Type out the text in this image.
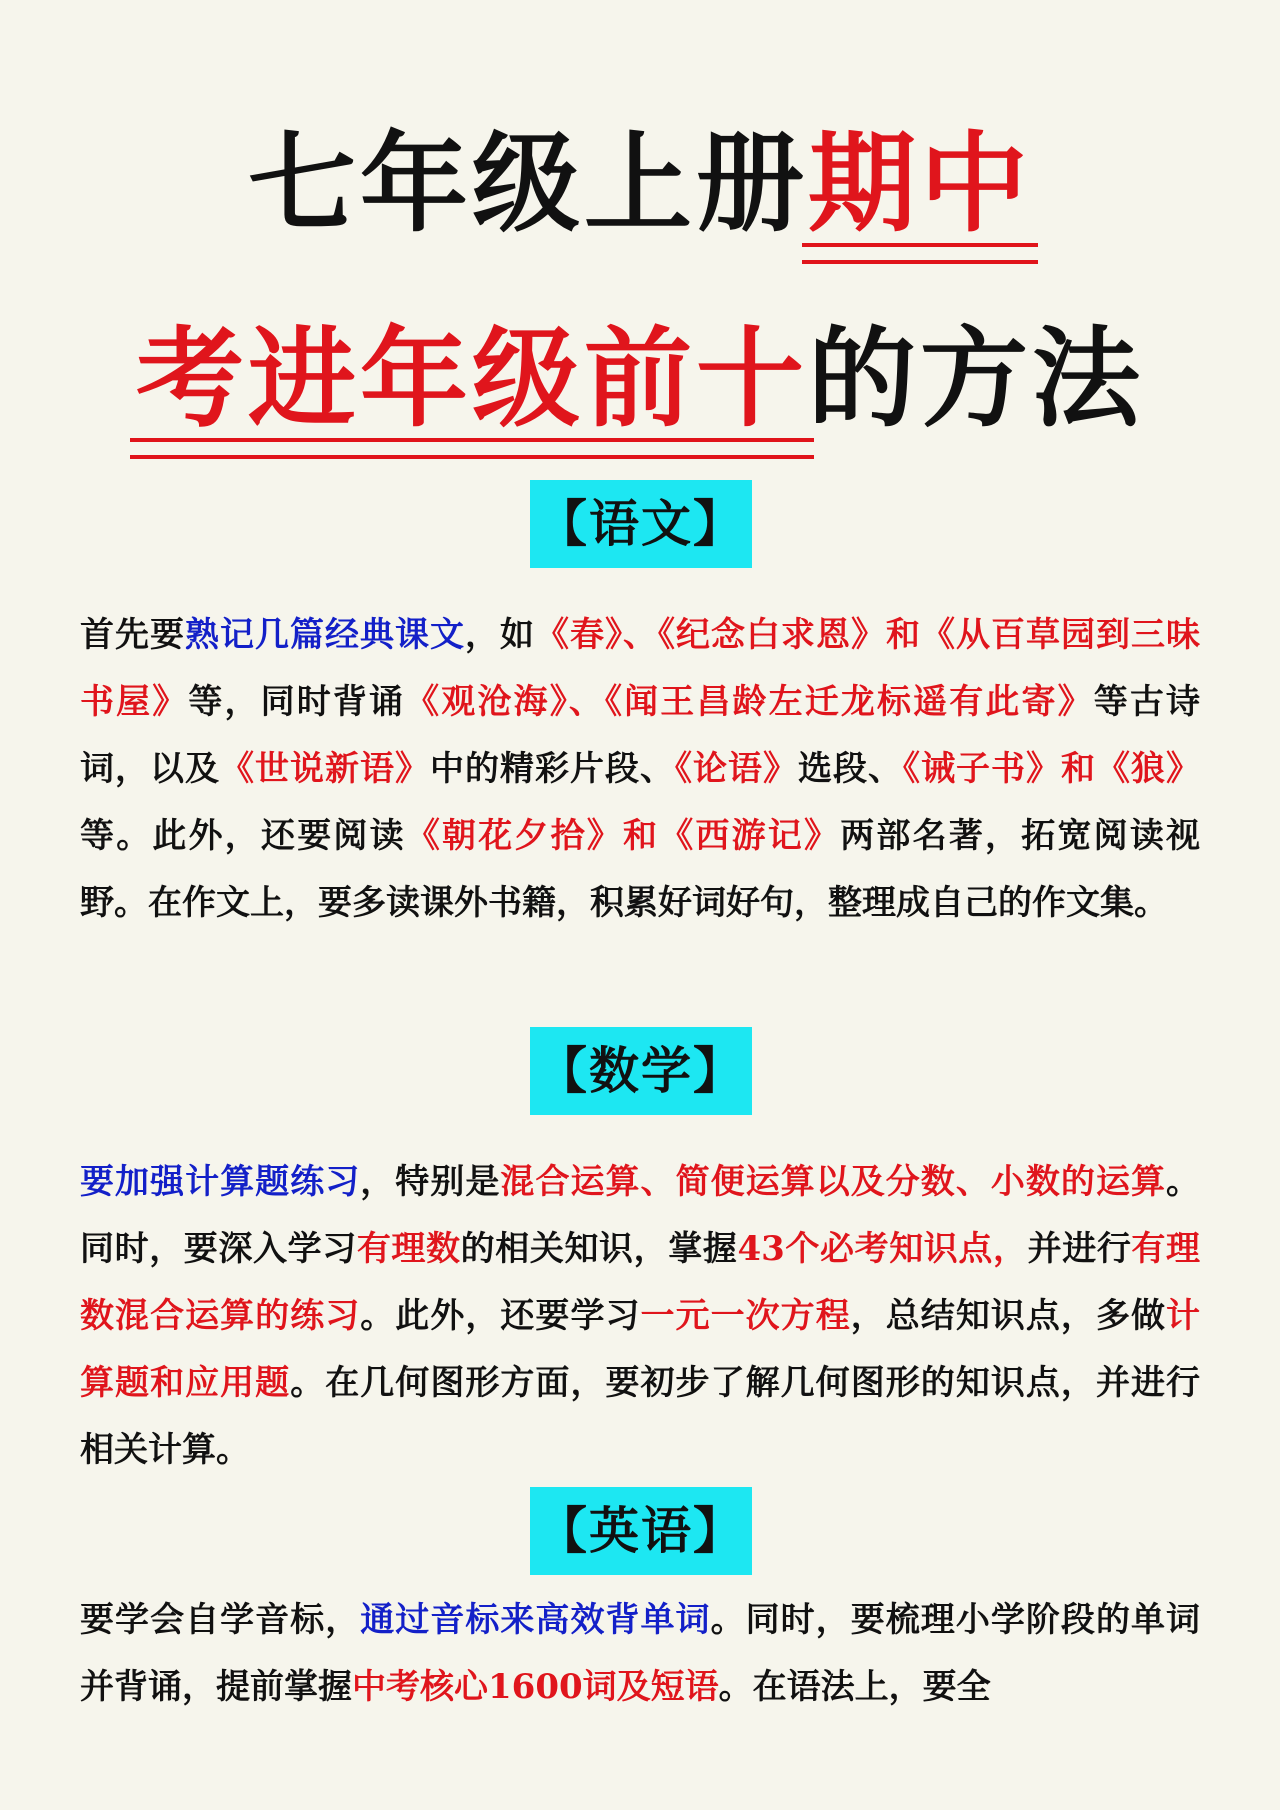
七年级上册期中
考进年级前十的方法
【语文】

首先要熟记几篇经典课文，如《春》、《纪念白求恩》和《从百草园到三味书屋》等，同时背诵《观沧海》、《闻王昌龄左迁龙标遥有此寄》等古诗词，以及《世说新语》中的精彩片段、《论语》选段、《诫子书》和《狼》等。此外，还要阅读《朝花夕拾》和《西游记》两部名著，拓宽阅读视野。在作文上，要多读课外书籍，积累好词好句，整理成自己的作文集。

【数学】

要加强计算题练习，特别是混合运算、简便运算以及分数、小数的运算。同时，要深入学习有理数的相关知识，掌握43个必考知识点，并进行有理数混合运算的练习。此外，还要学习一元一次方程，总结知识点，多做计算题和应用题。在几何图形方面，要初步了解几何图形的知识点，并进行相关计算。

【英语】

要学会自学音标，通过音标来高效背单词。同时，要梳理小学阶段的单词并背诵，提前掌握中考核心1600词及短语。在语法上，要全
